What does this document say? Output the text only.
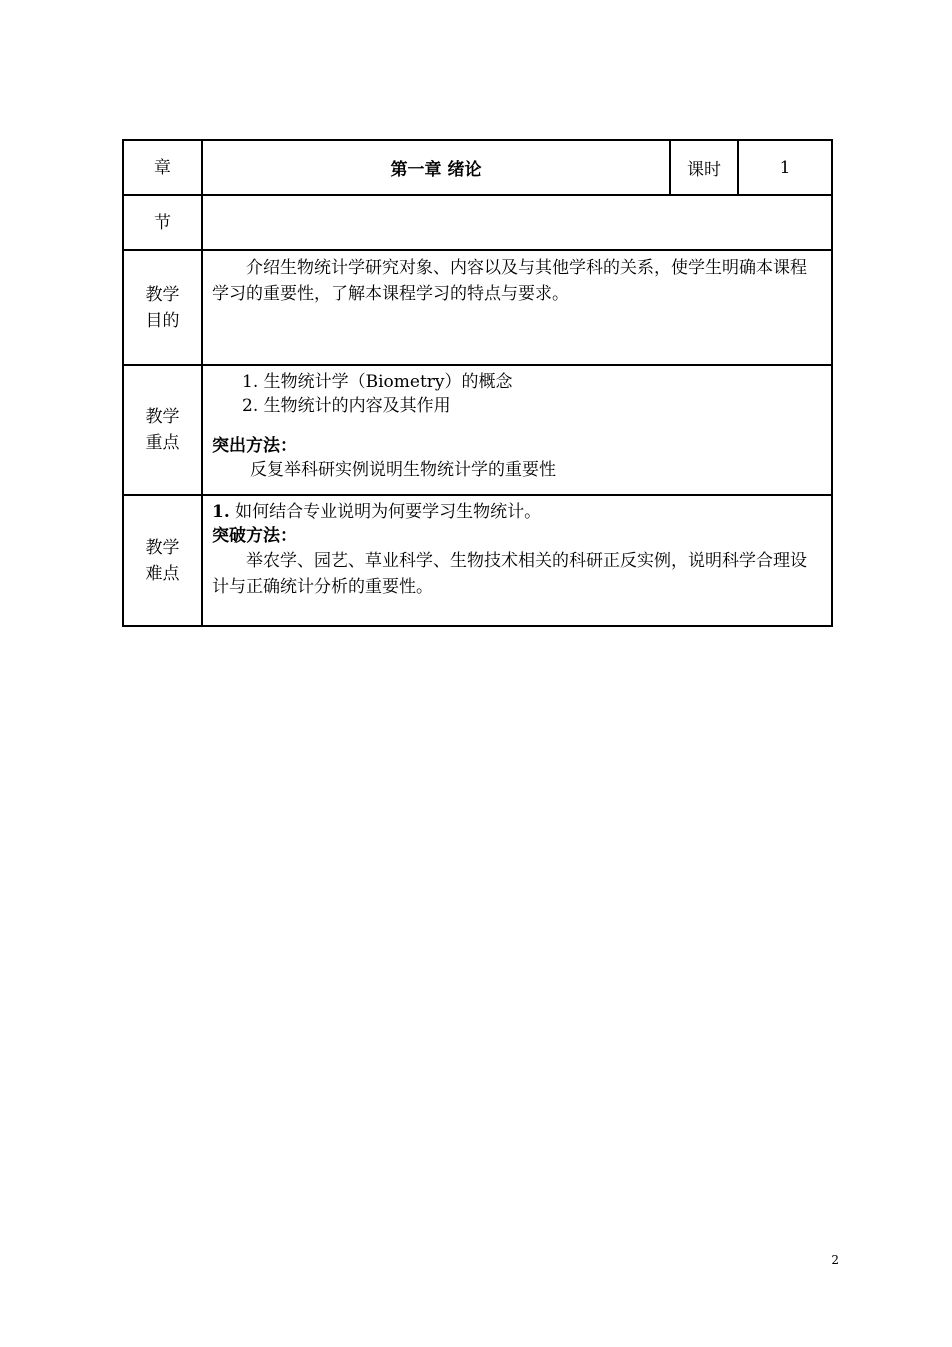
章	第一章 绪论	课时	1
节			
教学目的	介绍生物统计学研究对象、内容以及与其他学科的关系，使学生明确本课程学习的重要性，了解本课程学习的特点与要求。		

教学重点	1. 生物统计学（Biometry）的概念

2. 生物统计的内容及其作用

突出方法：

反复举科研实例说明生物统计学的重要性		

教学难点	1. 如何结合专业说明为何要学习生物统计。

突破方法：

举农学、园艺、草业科学、生物技术相关的科研正反实例，说明科学合理设计与正确统计分析的重要性。		

2
